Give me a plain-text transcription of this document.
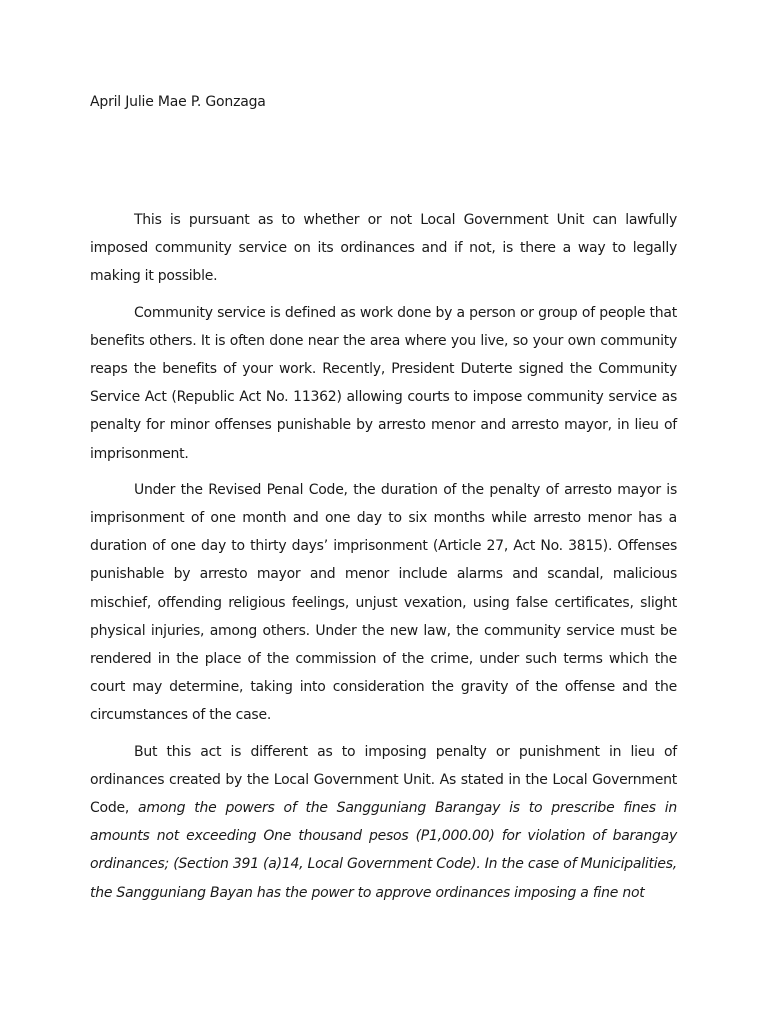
April Julie Mae P. Gonzaga

This is pursuant as to whether or not Local Government Unit can lawfully imposed community service on its ordinances and if not, is there a way to legally making it possible.

Community service is defined as work done by a person or group of people that benefits others. It is often done near the area where you live, so your own community reaps the benefits of your work. Recently, President Duterte signed the Community Service Act (Republic Act No. 11362) allowing courts to impose community service as penalty for minor offenses punishable by arresto menor and arresto mayor, in lieu of imprisonment.

Under the Revised Penal Code, the duration of the penalty of arresto mayor is imprisonment of one month and one day to six months while arresto menor has a duration of one day to thirty days’ imprisonment (Article 27, Act No. 3815). Offenses punishable by arresto mayor and menor include alarms and scandal, malicious mischief, offending religious feelings, unjust vexation, using false certificates, slight physical injuries, among others. Under the new law, the community service must be rendered in the place of the commission of the crime, under such terms which the court may determine, taking into consideration the gravity of the offense and the circumstances of the case.

But this act is different as to imposing penalty or punishment in lieu of ordinances created by the Local Government Unit. As stated in the Local Government Code, among the powers of the Sangguniang Barangay is to prescribe fines in amounts not exceeding One thousand pesos (P1,000.00) for violation of barangay ordinances; (Section 391 (a)14, Local Government Code). In the case of Municipalities, the Sangguniang Bayan has the power to approve ordinances imposing a fine not
